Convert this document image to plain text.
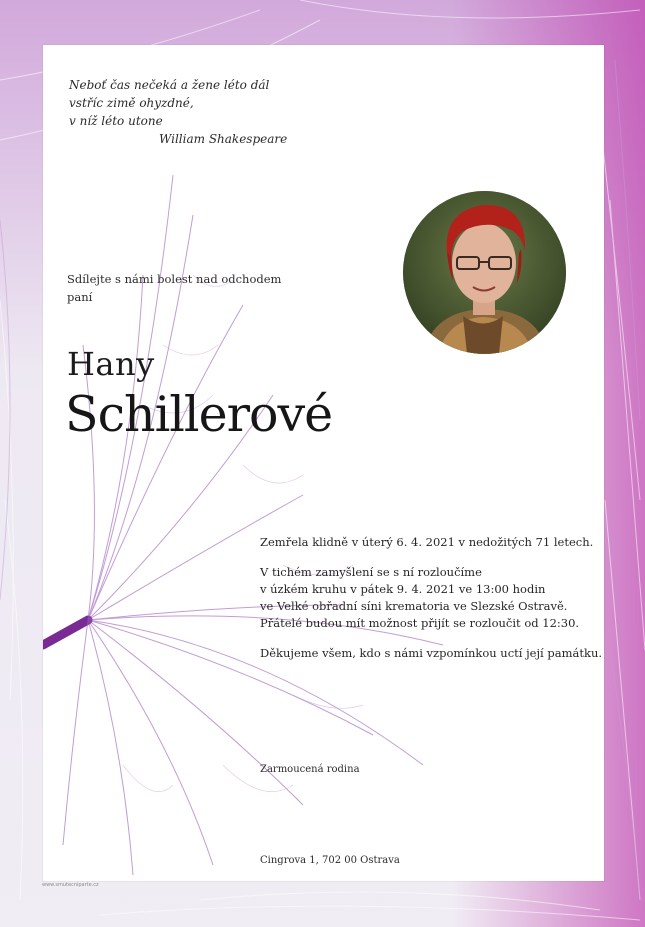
Neboť čas nečeká a žene léto dál
vstříc zimě ohyzdné,
v níž léto utone
William Shakespeare
Sdílejte s námi bolest nad odchodem
paní
Hany
Schillerové
Zemřela klidně v úterý 6. 4. 2021 v nedožitých 71 letech.
V tichém zamyšlení se s ní rozloučíme
v úzkém kruhu v pátek 9. 4. 2021 ve 13:00 hodin
ve Velké obřadní síni krematoria ve Slezské Ostravě.
Přátelé budou mít možnost přijít se rozloučit od 12:30.
Děkujeme všem, kdo s námi vzpomínkou uctí její památku.
Zarmoucená rodina
Cingrova 1, 702 00 Ostrava
www.smutecniparte.cz
